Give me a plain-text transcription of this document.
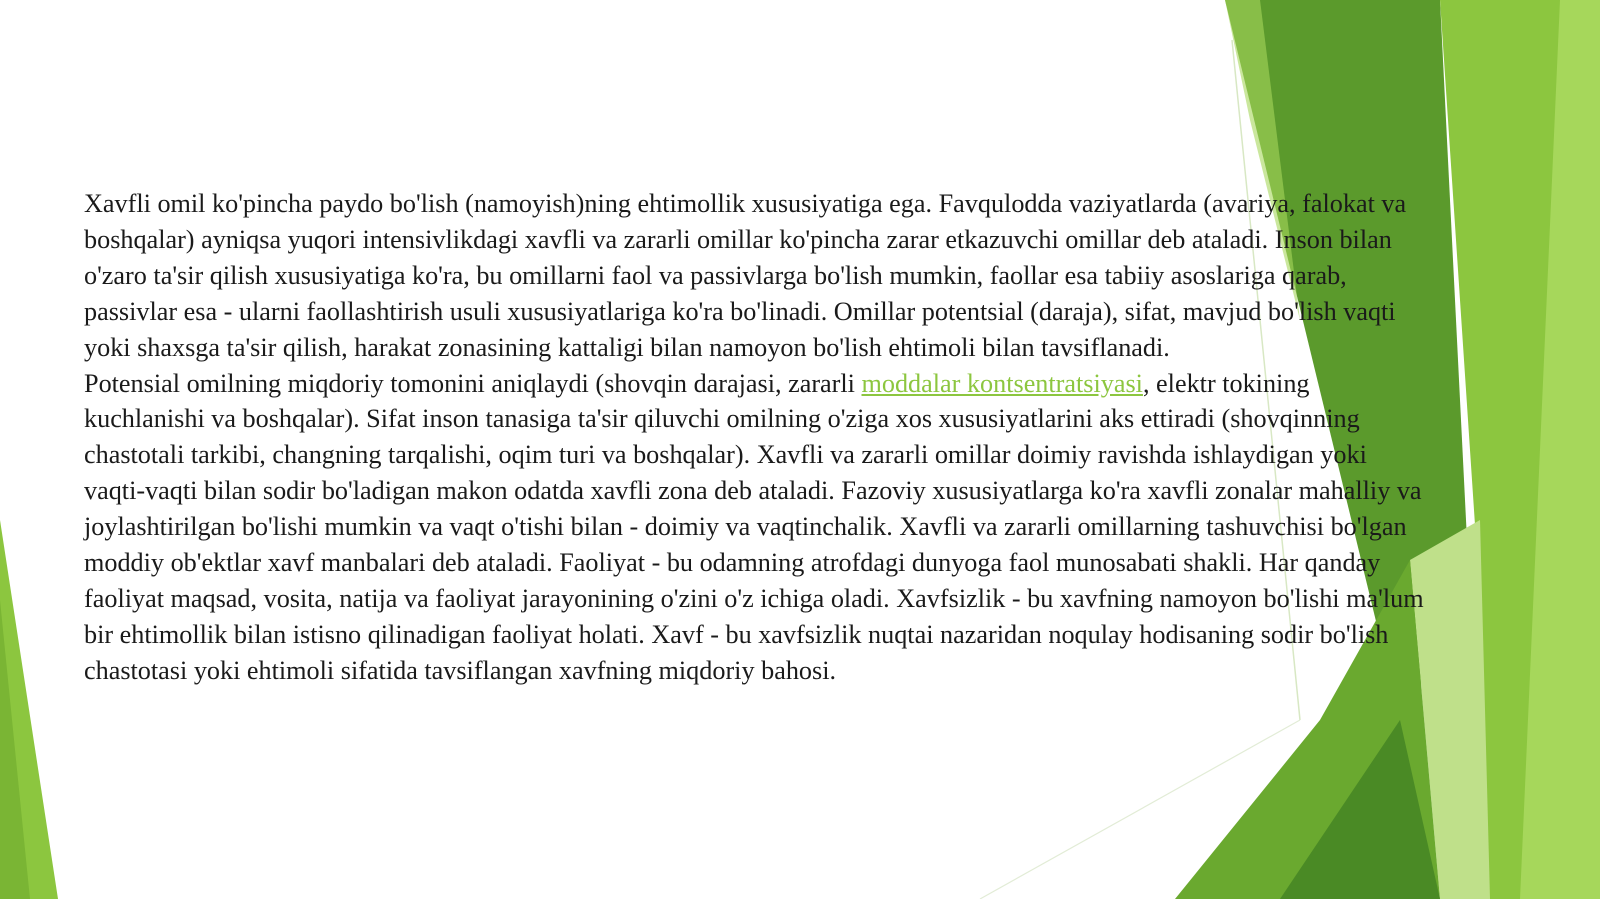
Xavfli omil ko'pincha paydo bo'lish (namoyish)ning ehtimollik xususiyatiga ega. Favqulodda vaziyatlarda (avariya, falokat va boshqalar) ayniqsa yuqori intensivlikdagi xavfli va zararli omillar ko'pincha zarar etkazuvchi omillar deb ataladi. Inson bilan o'zaro ta'sir qilish xususiyatiga ko'ra, bu omillarni faol va passivlarga bo'lish mumkin, faollar esa tabiiy asoslariga qarab, passivlar esa - ularni faollashtirish usuli xususiyatlariga ko'ra bo'linadi. Omillar potentsial (daraja), sifat, mavjud bo'lish vaqti yoki shaxsga ta'sir qilish, harakat zonasining kattaligi bilan namoyon bo'lish ehtimoli bilan tavsiflanadi.

Potensial omilning miqdoriy tomonini aniqlaydi (shovqin darajasi, zararli moddalar kontsentratsiyasi, elektr tokining kuchlanishi va boshqalar). Sifat inson tanasiga ta'sir qiluvchi omilning o'ziga xos xususiyatlarini aks ettiradi (shovqinning chastotali tarkibi, changning tarqalishi, oqim turi va boshqalar). Xavfli va zararli omillar doimiy ravishda ishlaydigan yoki vaqti-vaqti bilan sodir bo'ladigan makon odatda xavfli zona deb ataladi. Fazoviy xususiyatlarga ko'ra xavfli zonalar mahalliy va joylashtirilgan bo'lishi mumkin va vaqt o'tishi bilan - doimiy va vaqtinchalik. Xavfli va zararli omillarning tashuvchisi bo'lgan moddiy ob'ektlar xavf manbalari deb ataladi. Faoliyat - bu odamning atrofdagi dunyoga faol munosabati shakli. Har qanday faoliyat maqsad, vosita, natija va faoliyat jarayonining o'zini o'z ichiga oladi. Xavfsizlik - bu xavfning namoyon bo'lishi ma'lum bir ehtimollik bilan istisno qilinadigan faoliyat holati. Xavf - bu xavfsizlik nuqtai nazaridan noqulay hodisaning sodir bo'lish chastotasi yoki ehtimoli sifatida tavsiflangan xavfning miqdoriy bahosi.
